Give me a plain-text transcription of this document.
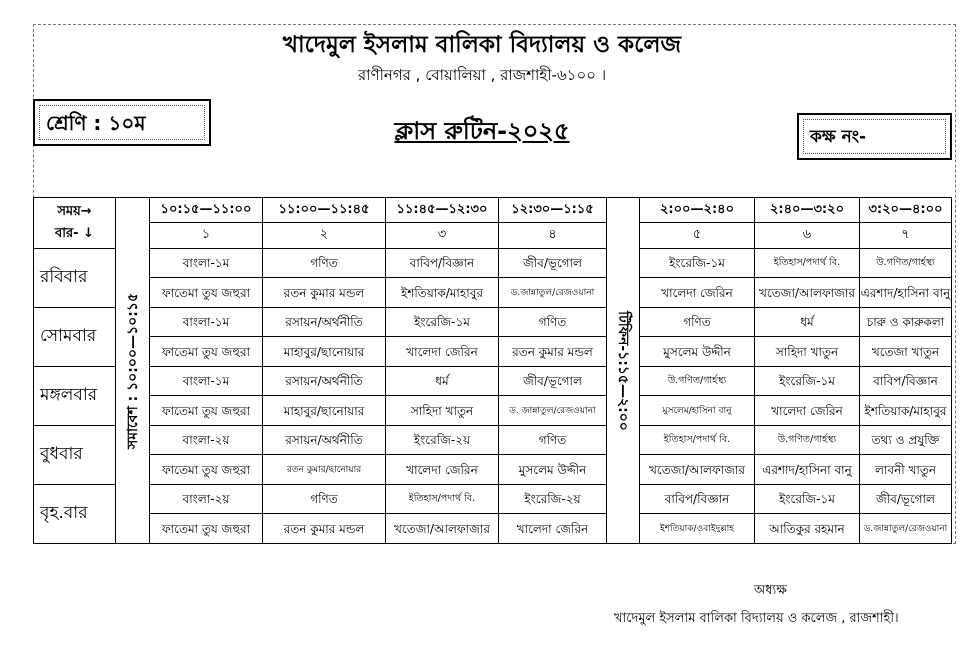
খাদেমুল ইসলাম বালিকা বিদ্যালয় ও কলেজ
রাণীনগর , বোয়ালিয়া , রাজশাহী-৬১০০ ।
শ্রেণি : ১০ম	ক্লাস রুটিন-২০২৫	কক্ষ নং-
সময়→
বার- ↓	সমাবেশ : ১০:০০—১০:১৫	১০:১৫—১১:০০	১১:০০—১১:৪৫	১১:৪৫—১২:৩০	১২:৩০—১:১৫	টিফিন-১:১৫—২:০০	২:০০—২:৪০	২:৪০—৩:২০	৩:২০—৪:০০
		১	২	৩	৪		৫	৬	৭
রবিবার		বাংলা-১ম	গণিত	বাবিপ/বিজ্ঞান	জীব/ভূগোল		ইংরেজি-১ম	ইতিহাস/পদার্থ বি.	উ.গণিত/গার্হস্থ্য
		ফাতেমা তুয জহুরা	রতন কুমার মন্ডল	ইশতিয়াক/মাহাবুর	ড.জান্নাতুল/রেজওয়ানা		খালেদা জেরিন	খতেজা/আলফাজার	এরশাদ/হাসিনা বানু
সোমবার		বাংলা-১ম	রসায়ন/অর্থনীতি	ইংরেজি-১ম	গণিত		গণিত	ধর্ম	চারু ও কারুকলা
		ফাতেমা তুয জহুরা	মাহাবুর/ছানোয়ার	খালেদা জেরিন	রতন কুমার মন্ডল		মুসলেম উদ্দীন	সাহিদা খাতুন	খতেজা খাতুন
মঙ্গলবার		বাংলা-১ম	রসায়ন/অর্থনীতি	ধর্ম	জীব/ভূগোল		উ.গণিত/গার্হস্থ্য	ইংরেজি-১ম	বাবিপ/বিজ্ঞান
		ফাতেমা তুয জহুরা	মাহাবুর/ছানোয়ার	সাহিদা খাতুন	ড. জান্নাতুল/রেজওয়ানা		মুসলেম/হাসিনা বানু	খালেদা জেরিন	ইশতিয়াক/মাহাবুর
বুধবার		বাংলা-২য়	রসায়ন/অর্থনীতি	ইংরেজি-২য়	গণিত		ইতিহাস/পদার্থ বি.	উ.গণিত/গার্হস্থ্য	তথ্য ও প্রযুক্তি
		ফাতেমা তুয জহুরা	রতন কুমার/ছানোয়ার	খালেদা জেরিন	মুসলেম উদ্দীন		খতেজা/আলফাজার	এরশাদ/হাসিনা বানু	লাবনী খাতুন
বৃহ.বার		বাংলা-২য়	গণিত	ইতিহাস/পদার্থ বি.	ইংরেজি-২য়		বাবিপ/বিজ্ঞান	ইংরেজি-১ম	জীব/ভূগোল
		ফাতেমা তুয জহুরা	রতন কুমার মন্ডল	খতেজা/আলফাজার	খালেদা জেরিন		ইশতিয়াক/ওবাইদুল্লাহ	আতিকুর রহমান	ড.জান্নাতুল/রেজওয়ানা
অধ্যক্ষ
খাদেমুল ইসলাম বালিকা বিদ্যালয় ও কলেজ , রাজশাহী।
